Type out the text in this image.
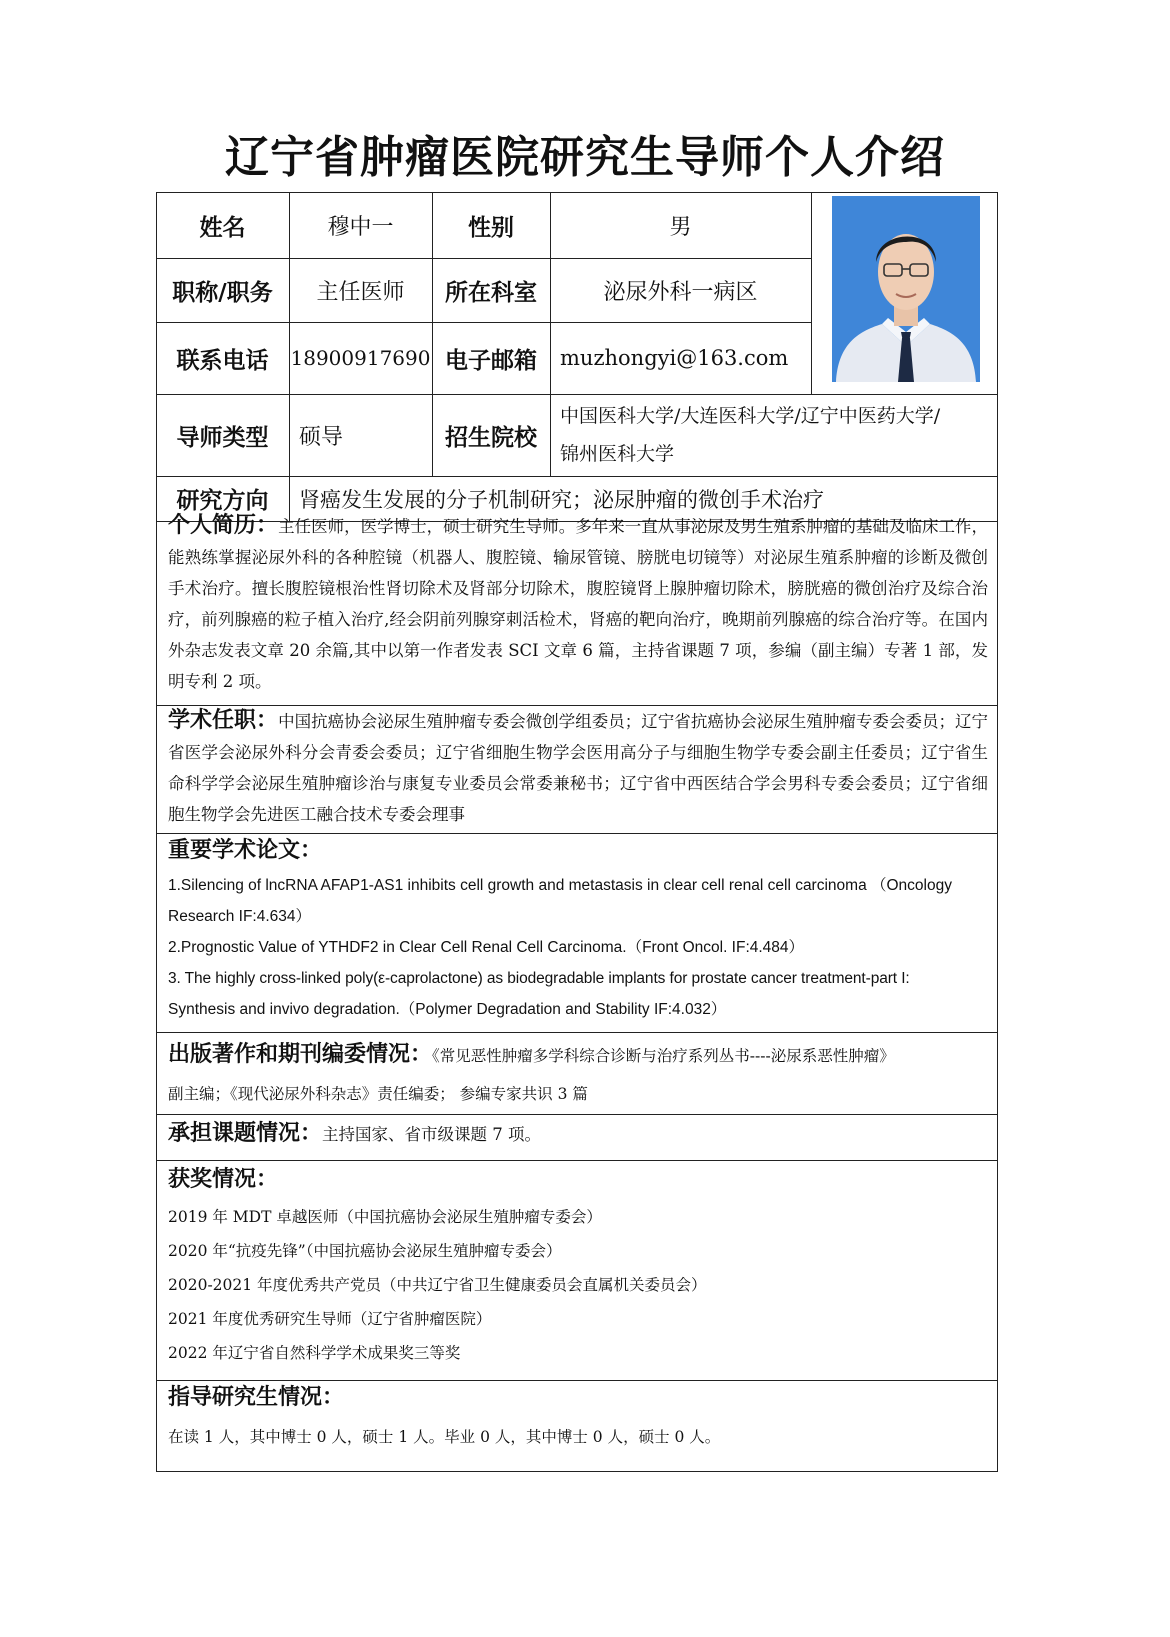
辽宁省肿瘤医院研究生导师个人介绍
姓名	穆中一	性别	男
职称/职务	主任医师	所在科室	泌尿外科一病区
联系电话	18900917690 电子邮箱	muzhongyi@163.com
导师类型	硕导	招生院校
中国医科大学/大连医科大学/辽宁中医药大学/
锦州医科大学
研究方向	肾癌发生发展的分子机制研究；泌尿肿瘤的微创手术治疗
个人简历：主任医师，医学博士，硕士研究生导师。多年来一直从事泌尿及男生殖系肿瘤的基础及临床工作，能熟练掌握泌尿外科的各种腔镜（机器人、腹腔镜、输尿管镜、膀胱电切镜等）对泌尿生殖系肿瘤的诊断及微创手术治疗。擅长腹腔镜根治性肾切除术及肾部分切除术，腹腔镜肾上腺肿瘤切除术，膀胱癌的微创治疗及综合治疗，前列腺癌的粒子植入治疗,经会阴前列腺穿刺活检术，肾癌的靶向治疗，晚期前列腺癌的综合治疗等。在国内外杂志发表文章 20 余篇,其中以第一作者发表 SCI 文章 6 篇，主持省课题 7 项，参编（副主编）专著 1 部，发明专利 2 项。
学术任职：中国抗癌协会泌尿生殖肿瘤专委会微创学组委员；辽宁省抗癌协会泌尿生殖肿瘤专委会委员；辽宁省医学会泌尿外科分会青委会委员；辽宁省细胞生物学会医用高分子与细胞生物学专委会副主任委员；辽宁省生命科学学会泌尿生殖肿瘤诊治与康复专业委员会常委兼秘书；辽宁省中西医结合学会男科专委会委员；辽宁省细胞生物学会先进医工融合技术专委会理事
重要学术论文：
1.Silencing of lncRNA AFAP1-AS1 inhibits cell growth and metastasis in clear cell renal cell carcinoma （Oncology
Research IF:4.634）
2.Prognostic Value of YTHDF2 in Clear Cell Renal Cell Carcinoma.（Front Oncol. IF:4.484）
3. The highly cross-linked poly(ε-caprolactone) as biodegradable implants for prostate cancer treatment-part I:
Synthesis and invivo degradation.（Polymer Degradation and Stability IF:4.032）
出版著作和期刊编委情况：《常见恶性肿瘤多学科综合诊断与治疗系列丛书----泌尿系恶性肿瘤》
副主编；《现代泌尿外科杂志》责任编委； 参编专家共识 3 篇
承担课题情况：主持国家、省市级课题 7 项。
获奖情况：
2019 年 MDT 卓越医师（中国抗癌协会泌尿生殖肿瘤专委会）
2020 年“抗疫先锋”（中国抗癌协会泌尿生殖肿瘤专委会）
2020-2021 年度优秀共产党员（中共辽宁省卫生健康委员会直属机关委员会）
2021 年度优秀研究生导师（辽宁省肿瘤医院）
2022 年辽宁省自然科学学术成果奖三等奖
指导研究生情况：
在读 1 人，其中博士 0 人，硕士 1 人。毕业 0 人，其中博士 0 人，硕士 0 人。
